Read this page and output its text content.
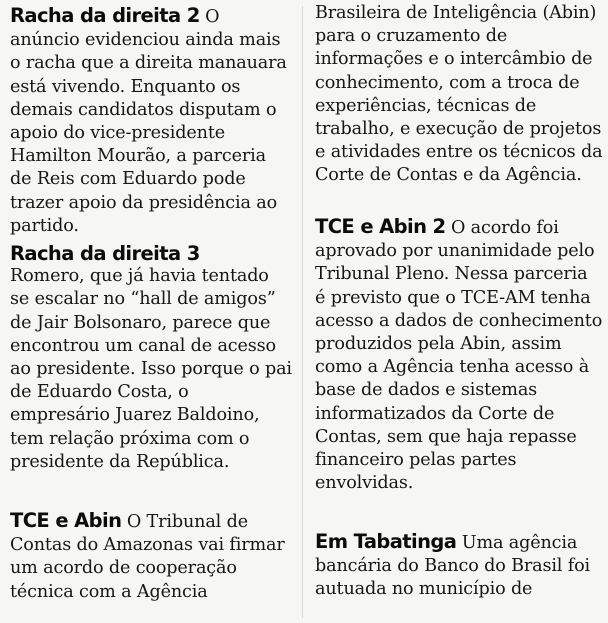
Racha da direita 2 O anúncio evidenciou ainda mais o racha que a direita manauara está vivendo. Enquanto os demais candidatos disputam o apoio do vice-presidente Hamilton Mourão, a parceria de Reis com Eduardo pode trazer apoio da presidência ao partido.

Racha da direita 3
Romero, que já havia tentado se escalar no “hall de amigos” de Jair Bolsonaro, parece que encontrou um canal de acesso ao presidente. Isso porque o pai de Eduardo Costa, o empresário Juarez Baldoino, tem relação próxima com o presidente da República.

TCE e Abin O Tribunal de Contas do Amazonas vai firmar um acordo de cooperação técnica com a Agência

Brasileira de Inteligência (Abin) para o cruzamento de informações e o intercâmbio de conhecimento, com a troca de experiências, técnicas de trabalho, e execução de projetos e atividades entre os técnicos da Corte de Contas e da Agência.

TCE e Abin 2 O acordo foi aprovado por unanimidade pelo Tribunal Pleno. Nessa parceria é previsto que o TCE-AM tenha acesso a dados de conhecimento produzidos pela Abin, assim como a Agência tenha acesso à base de dados e sistemas informatizados da Corte de Contas, sem que haja repasse financeiro pelas partes envolvidas.

Em Tabatinga Uma agência bancária do Banco do Brasil foi autuada no município de
